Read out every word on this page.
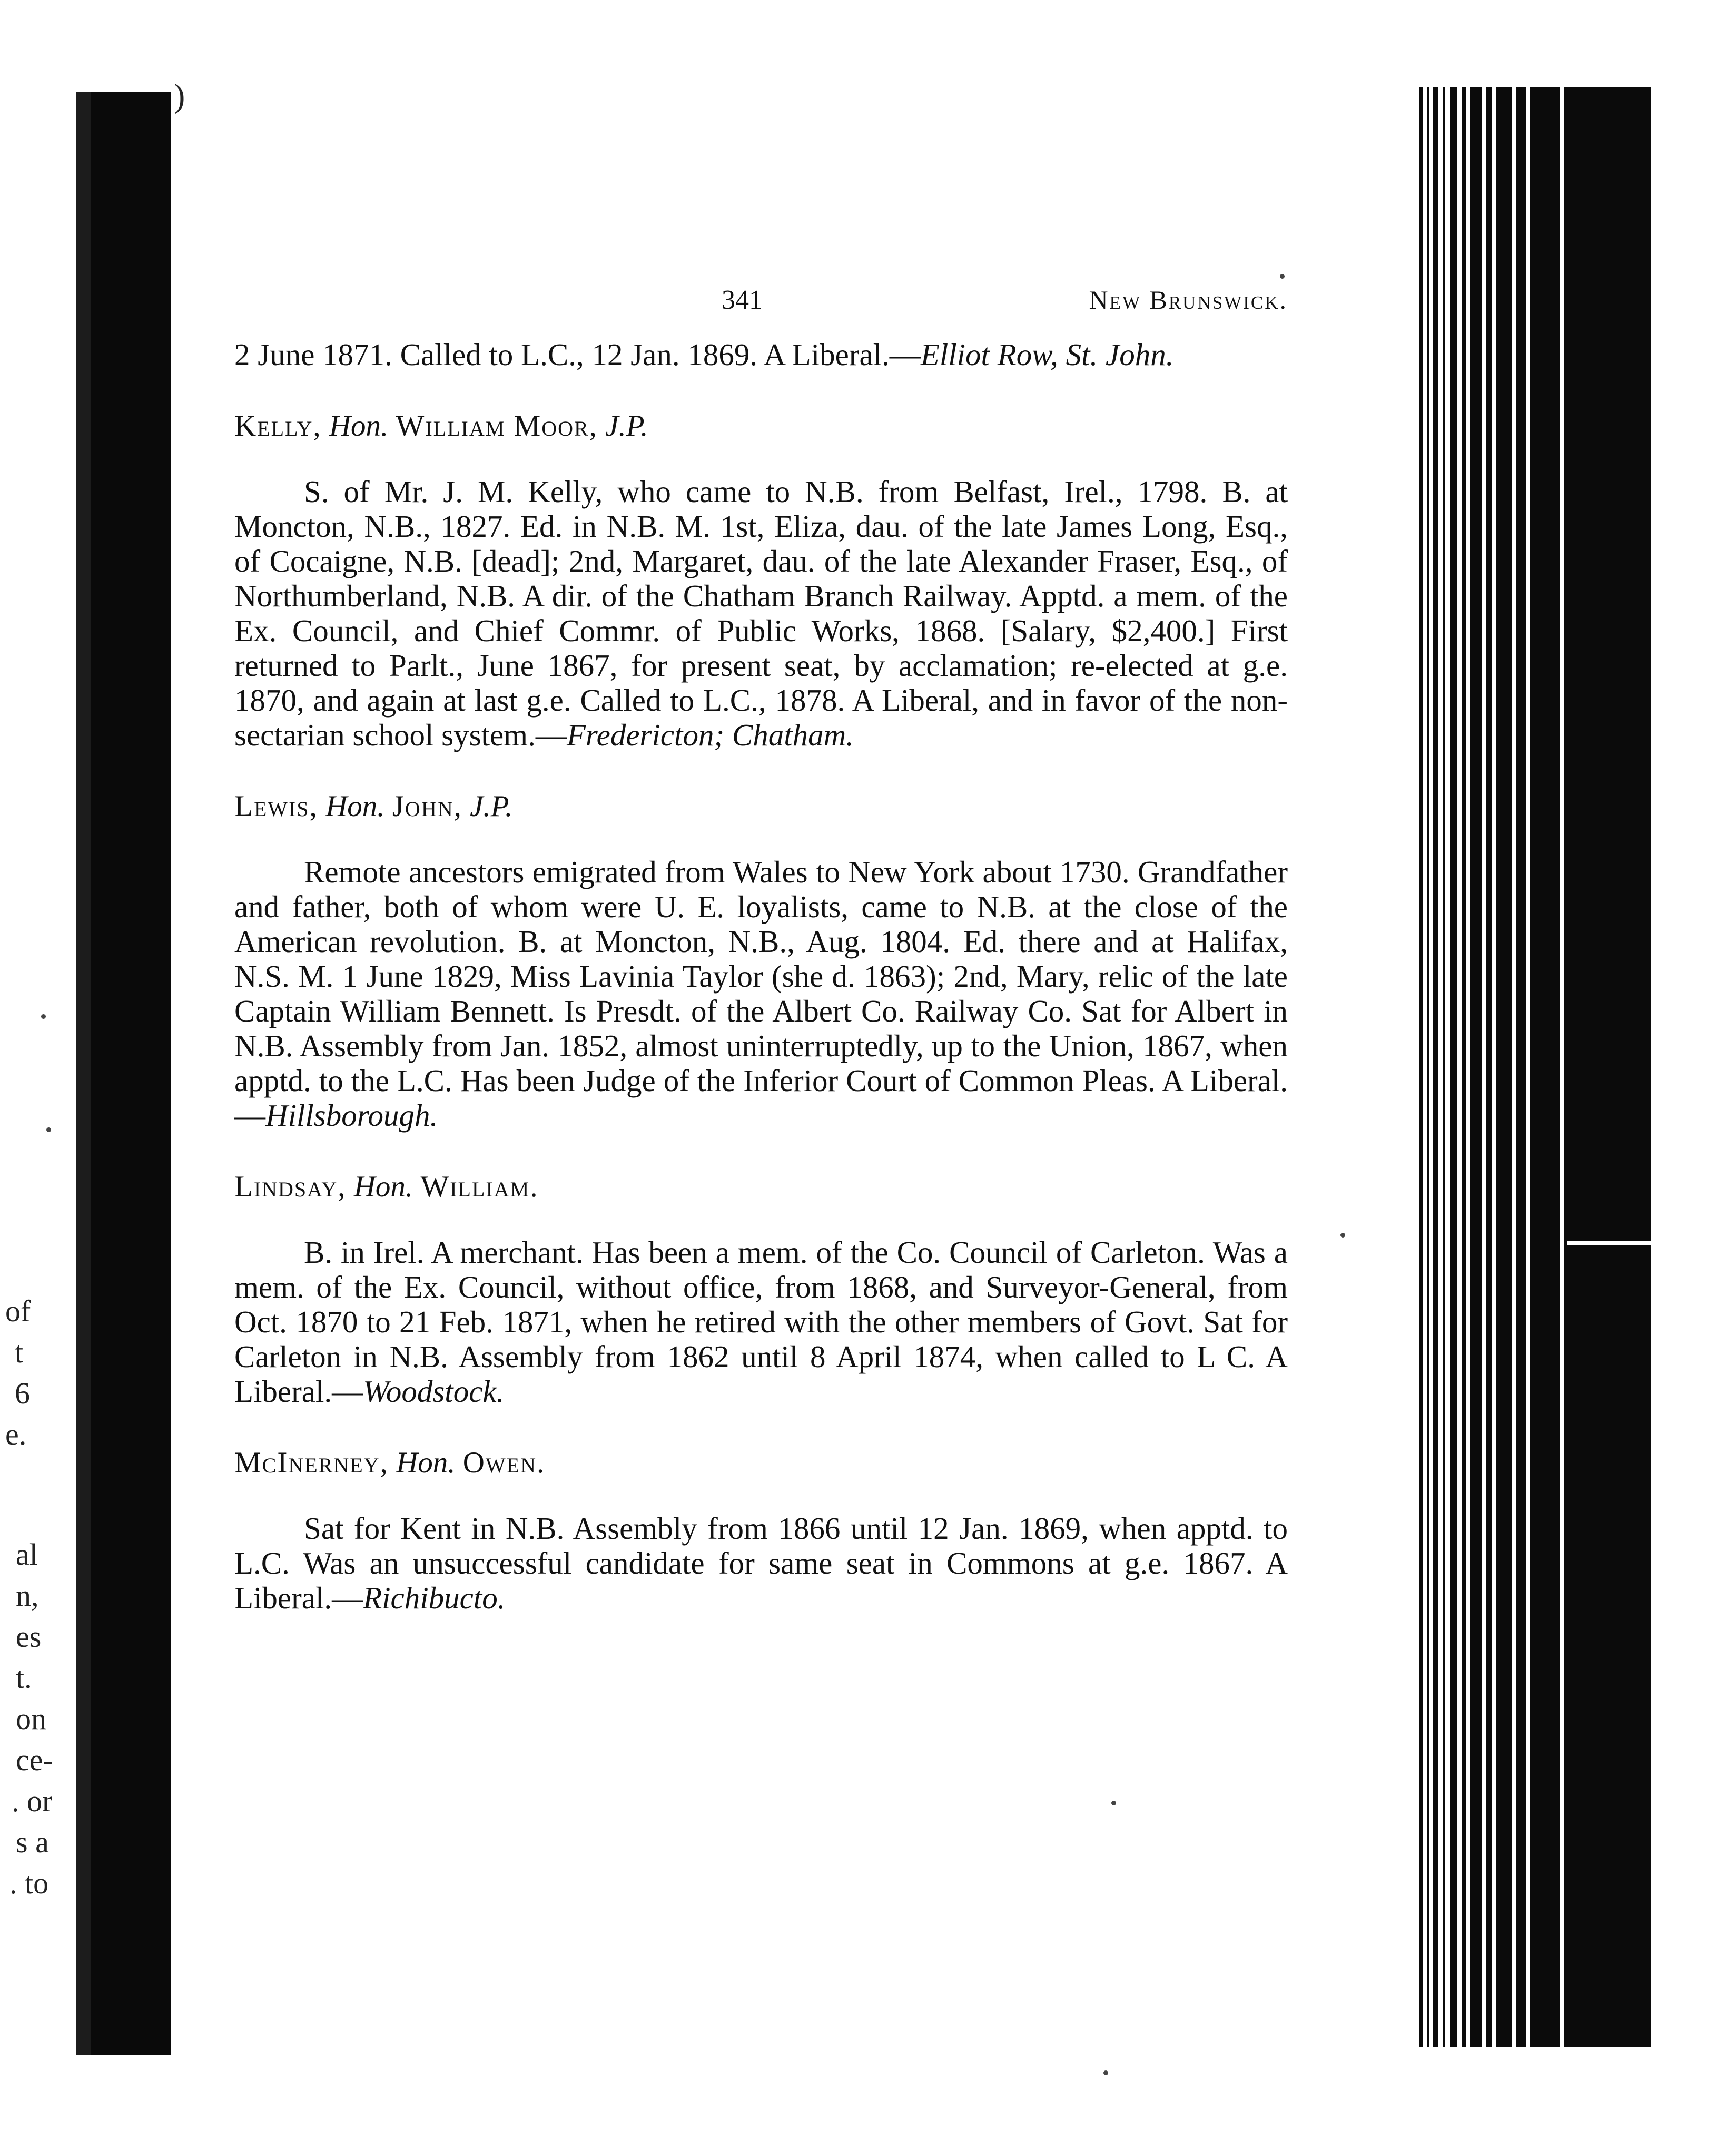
)
of
t
6
e.
al
n,
es
t.
on
ce-
. or
s a
. to
341	New Brunswick.

2 June 1871. Called to L.C., 12 Jan. 1869. A Liberal.—Elliot Row, St. John.

Kelly, Hon. William Moor, J.P.

S. of Mr. J. M. Kelly, who came to N.B. from Belfast, Irel., 1798. B. at Moncton, N.B., 1827. Ed. in N.B. M. 1st, Eliza, dau. of the late James Long, Esq., of Cocaigne, N.B. [dead]; 2nd, Margaret, dau. of the late Alexander Fraser, Esq., of Northumberland, N.B. A dir. of the Chatham Branch Railway. Apptd. a mem. of the Ex. Council, and Chief Commr. of Public Works, 1868. [Salary, $2,400.] First returned to Parlt., June 1867, for present seat, by acclamation; re-elected at g.e. 1870, and again at last g.e. Called to L.C., 1878. A Liberal, and in favor of the non-sectarian school system.—Fredericton; Chatham.

Lewis, Hon. John, J.P.

Remote ancestors emigrated from Wales to New York about 1730. Grandfather and father, both of whom were U. E. loyalists, came to N.B. at the close of the American revolution. B. at Moncton, N.B., Aug. 1804. Ed. there and at Halifax, N.S. M. 1 June 1829, Miss Lavinia Taylor (she d. 1863); 2nd, Mary, relic of the late Captain William Bennett. Is Presdt. of the Albert Co. Railway Co. Sat for Albert in N.B. Assembly from Jan. 1852, almost uninterruptedly, up to the Union, 1867, when apptd. to the L.C. Has been Judge of the Inferior Court of Common Pleas. A Liberal.—Hillsborough.

Lindsay, Hon. William.

B. in Irel. A merchant. Has been a mem. of the Co. Council of Carleton. Was a mem. of the Ex. Council, without office, from 1868, and Surveyor-General, from Oct. 1870 to 21 Feb. 1871, when he retired with the other members of Govt. Sat for Carleton in N.B. Assembly from 1862 until 8 April 1874, when called to L C. A Liberal.—Woodstock.

McInerney, Hon. Owen.

Sat for Kent in N.B. Assembly from 1866 until 12 Jan. 1869, when apptd. to L.C. Was an unsuccessful candidate for same seat in Commons at g.e. 1867. A Liberal.—Richibucto.
